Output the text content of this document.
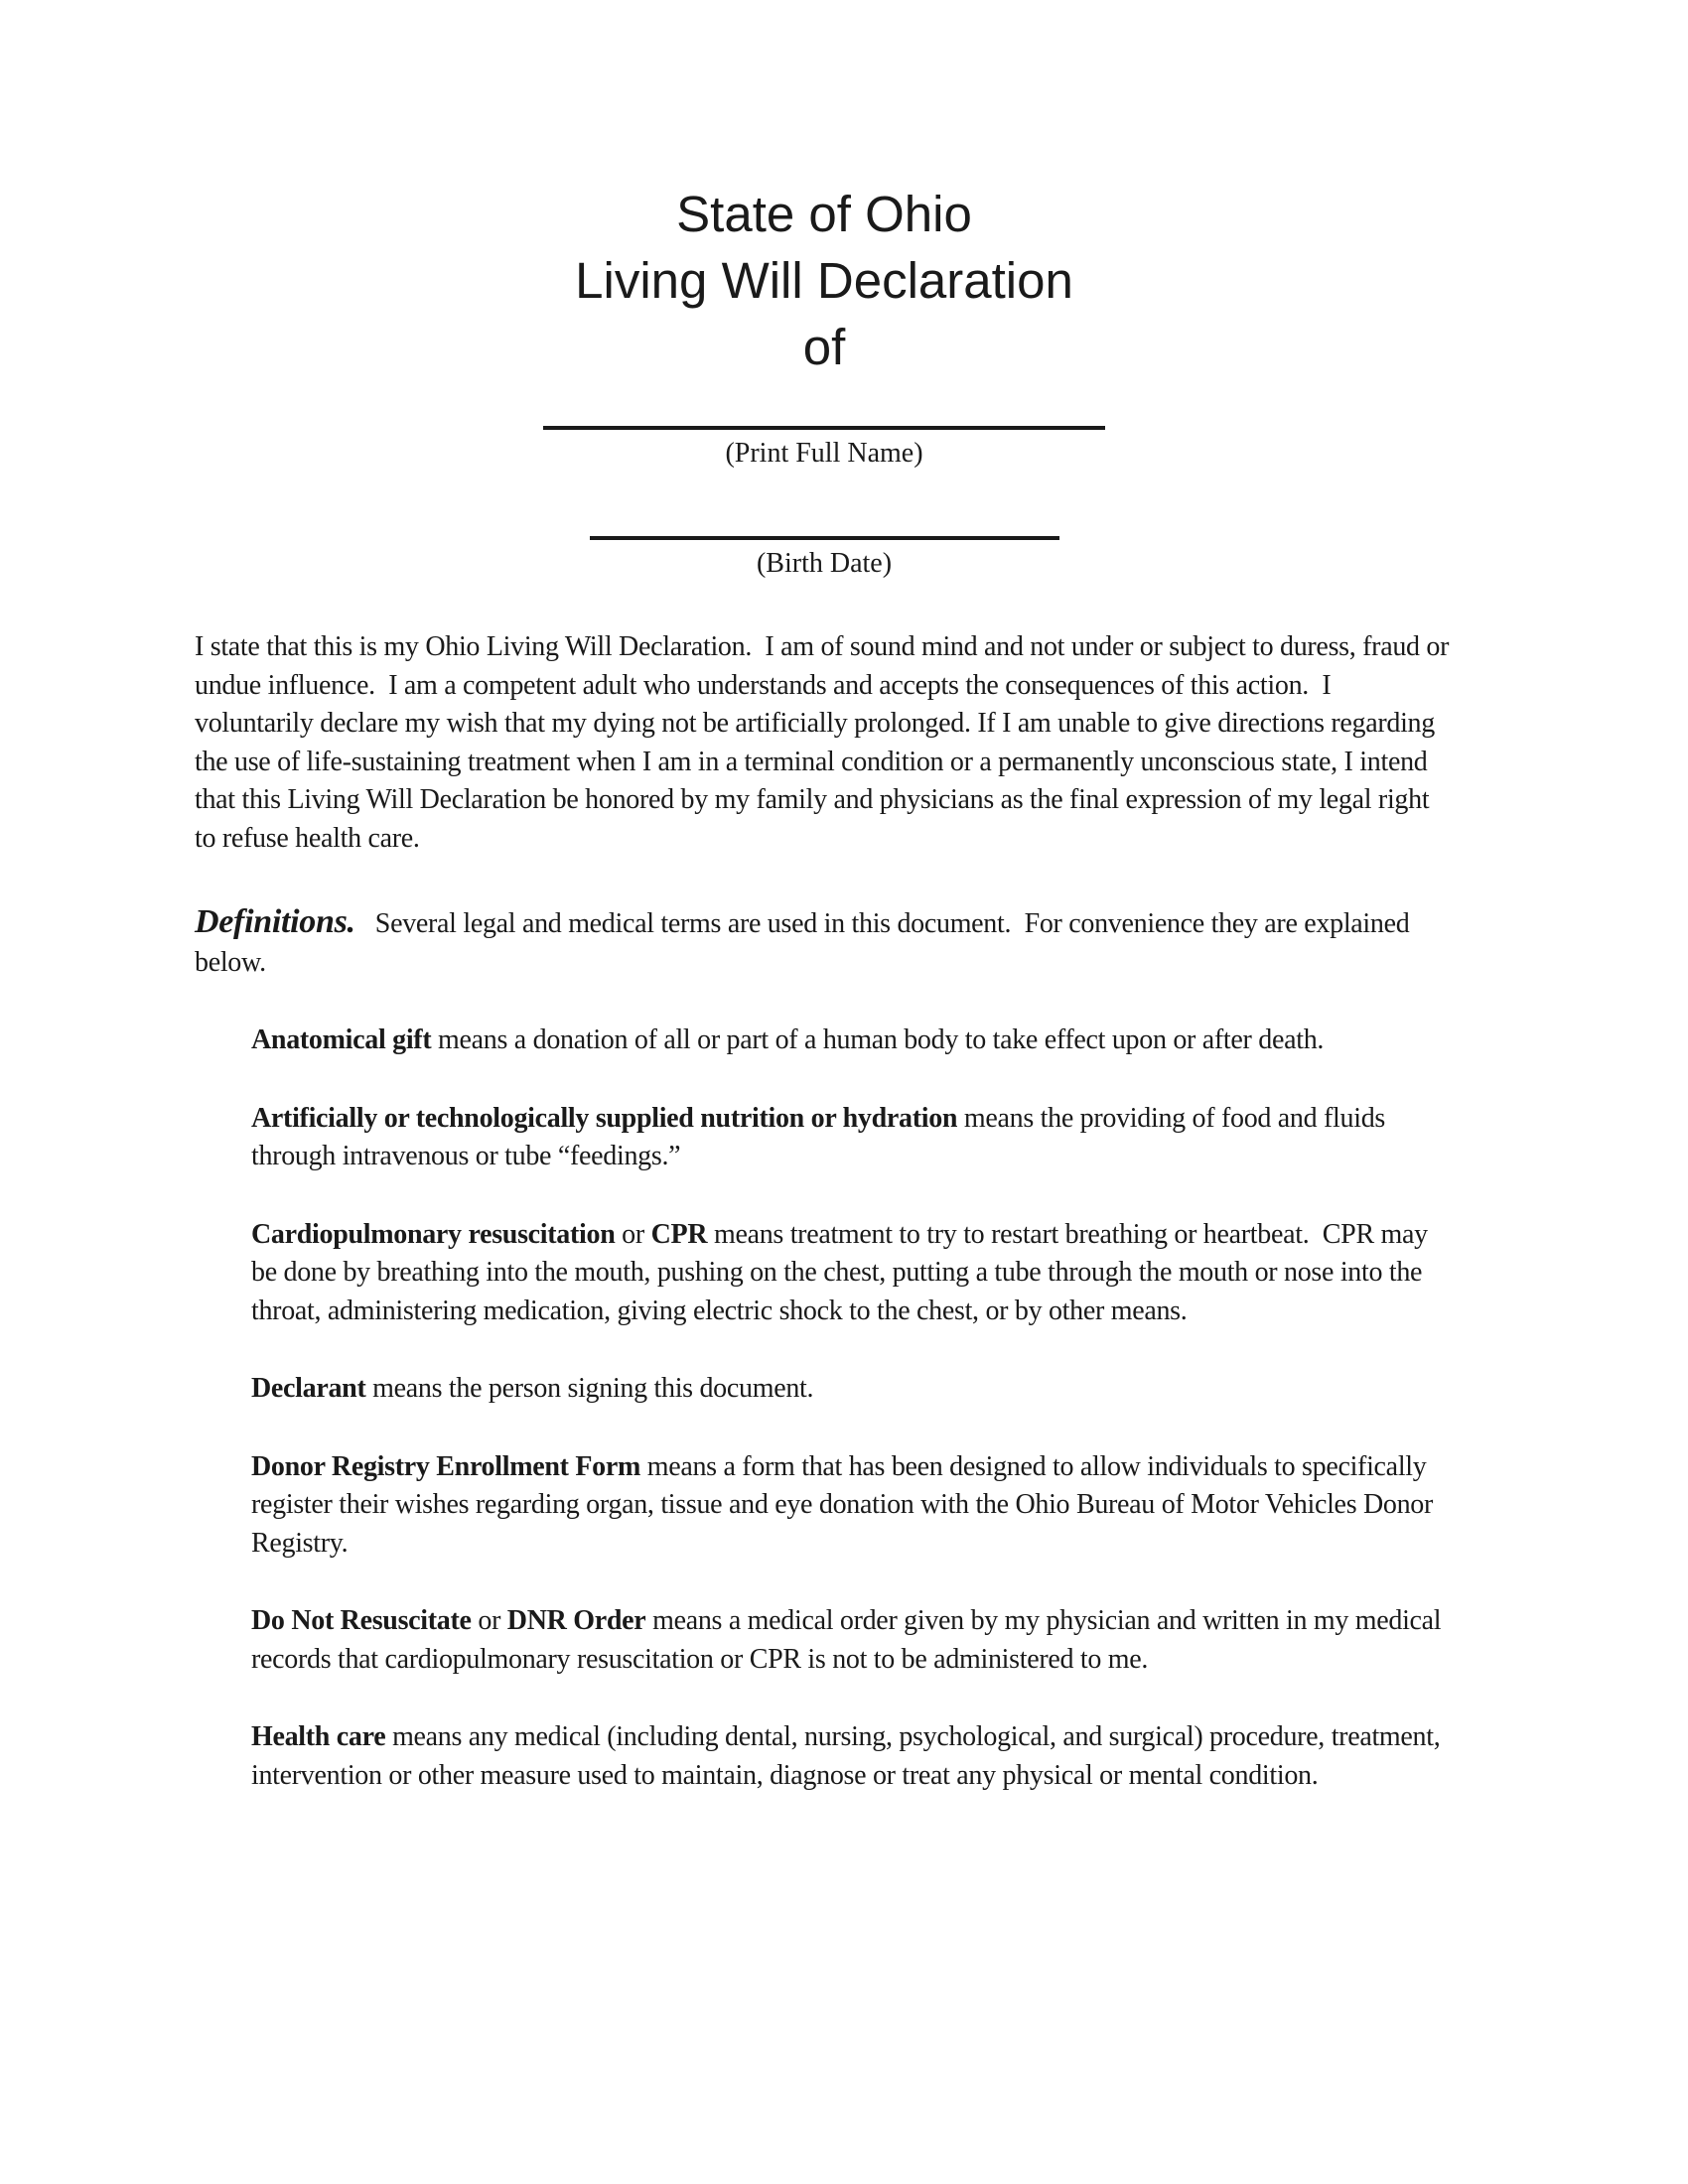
State of Ohio
Living Will Declaration
of
(Print Full Name)
(Birth Date)

I state that this is my Ohio Living Will Declaration.  I am of sound mind and not under or subject to duress, fraud or undue influence.  I am a competent adult who understands and accepts the consequences of this action.  I voluntarily declare my wish that my dying not be artificially prolonged. If I am unable to give directions regarding the use of life-sustaining treatment when I am in a terminal condition or a permanently unconscious state, I intend that this Living Will Declaration be honored by my family and physicians as the final expression of my legal right to refuse health care.

Definitions.   Several legal and medical terms are used in this document.  For convenience they are explained below.

Anatomical gift means a donation of all or part of a human body to take effect upon or after death.

Artificially or technologically supplied nutrition or hydration means the providing of food and fluids through intravenous or tube “feedings.”

Cardiopulmonary resuscitation or CPR means treatment to try to restart breathing or heartbeat.  CPR may be done by breathing into the mouth, pushing on the chest, putting a tube through the mouth or nose into the throat, administering medication, giving electric shock to the chest, or by other means.

Declarant means the person signing this document.

Donor Registry Enrollment Form means a form that has been designed to allow individuals to specifically register their wishes regarding organ, tissue and eye donation with the Ohio Bureau of Motor Vehicles Donor Registry.

Do Not Resuscitate or DNR Order means a medical order given by my physician and written in my medical records that cardiopulmonary resuscitation or CPR is not to be administered to me.

Health care means any medical (including dental, nursing, psychological, and surgical) procedure, treatment, intervention or other measure used to maintain, diagnose or treat any physical or mental condition.
